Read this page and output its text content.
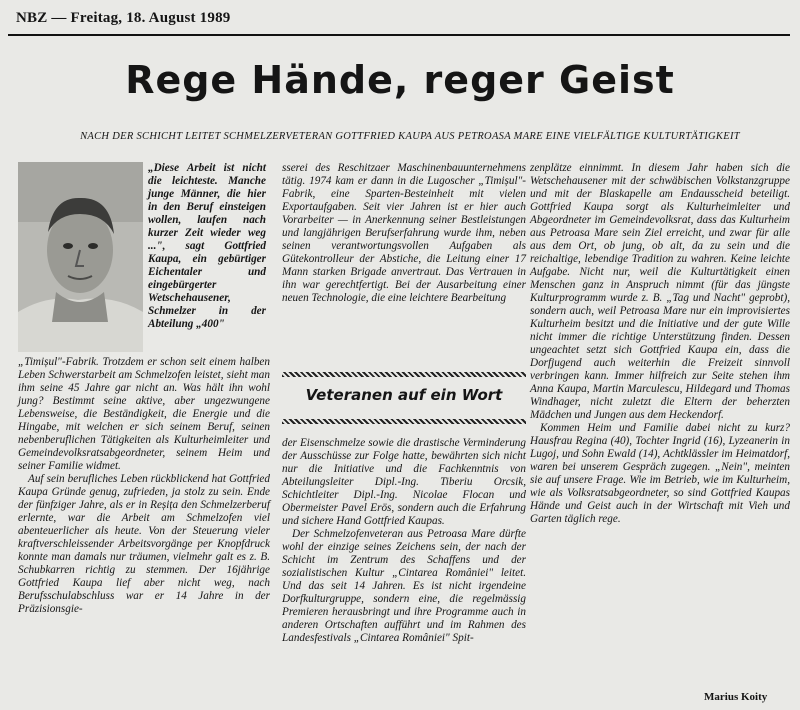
NBZ — Freitag, 18. August 1989
Rege Hände, reger Geist
NACH DER SCHICHT LEITET SCHMELZERVETERAN GOTTFRIED KAUPA AUS PETROASA MARE EINE VIELFÄLTIGE KULTURTÄTIGKEIT
„Diese Arbeit ist nicht die leichteste. Manche junge Männer, die hier in den Beruf einsteigen wollen, laufen nach kurzer Zeit wieder weg ...", sagt Gottfried Kaupa, ein gebürtiger Eichentaler und eingebürgerter Wetschehausener, Schmelzer in der Abteilung „400"

„Timișul"-Fabrik. Trotzdem er schon seit einem halben Leben Schwerstarbeit am Schmelzofen leistet, sieht man ihm seine 45 Jahre gar nicht an. Was hält ihn wohl jung? Bestimmt seine aktive, aber ungezwungene Lebensweise, die Beständigkeit, die Energie und die Hingabe, mit welchen er sich seinem Beruf, seinen nebenberuflichen Tätigkeiten als Kulturheimleiter und Gemeindevolksratsabgeordneter, seinem Heim und seiner Familie widmet.

Auf sein berufliches Leben rückblickend hat Gottfried Kaupa Gründe genug, zufrieden, ja stolz zu sein. Ende der fünfziger Jahre, als er in Reșița den Schmelzerberuf erlernte, war die Arbeit am Schmelzofen viel abenteuerlicher als heute. Von der Steuerung vieler kraftverschleissender Arbeitsvorgänge per Knopfdruck konnte man damals nur träumen, vielmehr galt es z. B. Schubkarren richtig zu stemmen. Der 16jährige Gottfried Kaupa lief aber nicht weg, nach Berufsschulabschluss war er 14 Jahre in der Präzisionsgie-

sserei des Reschitzaer Maschinenbauunternehmens tätig. 1974 kam er dann in die Lugoscher „Timișul"-Fabrik, eine Sparten-Besteinheit mit vielen Exportaufgaben. Seit vier Jahren ist er hier auch Vorarbeiter — in Anerkennung seiner Bestleistungen und langjährigen Berufserfahrung wurde ihm, neben seinen verantwortungsvollen Aufgaben als Gütekontrolleur der Abstiche, die Leitung einer 17 Mann starken Brigade anvertraut. Das Vertrauen in ihn war gerechtfertigt. Bei der Ausarbeitung einer neuen Technologie, die eine leichtere Bearbeitung

Veteranen auf ein Wort

der Eisenschmelze sowie die drastische Verminderung der Ausschüsse zur Folge hatte, bewährten sich nicht nur die Initiative und die Fachkenntnis von Abteilungsleiter Dipl.-Ing. Tiberiu Orcsik, Schichtleiter Dipl.-Ing. Nicolae Flocan und Obermeister Pavel Erös, sondern auch die Erfahrung und sichere Hand Gottfried Kaupas.

Der Schmelzofenveteran aus Petroasa Mare dürfte wohl der einzige seines Zeichens sein, der nach der Schicht im Zentrum des Schaffens und der sozialistischen Kultur „Cintarea României" leitet. Und das seit 14 Jahren. Es ist nicht irgendeine Dorfkulturgruppe, sondern eine, die regelmässig Premieren herausbringt und ihre Programme auch in anderen Ortschaften aufführt und im Rahmen des Landesfestivals „Cintarea României" Spit-

zenplätze einnimmt. In diesem Jahr haben sich die Wetschehausener mit der schwäbischen Volkstanzgruppe und mit der Blaskapelle am Endausscheid beteiligt. Gottfried Kaupa sorgt als Kulturheimleiter und Abgeordneter im Gemeindevolksrat, dass das Kulturheim aus Petroasa Mare sein Ziel erreicht, und zwar für alle aus dem Ort, ob jung, ob alt, da zu sein und die reichaltige, lebendige Tradition zu wahren. Keine leichte Aufgabe. Nicht nur, weil die Kulturtätigkeit einen Menschen ganz in Anspruch nimmt (für das jüngste Kulturprogramm wurde z. B. „Tag und Nacht" geprobt), sondern auch, weil Petroasa Mare nur ein improvisiertes Kulturheim besitzt und die Initiative und der gute Wille nicht immer die richtige Unterstützung finden. Dessen ungeachtet setzt sich Gottfried Kaupa ein, dass die Dorfjugend auch weiterhin die Freizeit sinnvoll verbringen kann. Immer hilfreich zur Seite stehen ihm Anna Kaupa, Martin Marculescu, Hildegard und Thomas Windhager, nicht zuletzt die Eltern der beherzten Mädchen und Jungen aus dem Heckendorf.

Kommen Heim und Familie dabei nicht zu kurz? Hausfrau Regina (40), Tochter Ingrid (16), Lyzeanerin in Lugoj, und Sohn Ewald (14), Achtklässler im Heimatdorf, waren bei unserem Gespräch zugegen. „Nein", meinten sie auf unsere Frage. Wie im Betrieb, wie im Kulturheim, wie als Volksratsabgeordneter, so sind Gottfried Kaupas Hände und Geist auch in der Wirtschaft mit Vieh und Garten täglich rege.

Marius Koity
